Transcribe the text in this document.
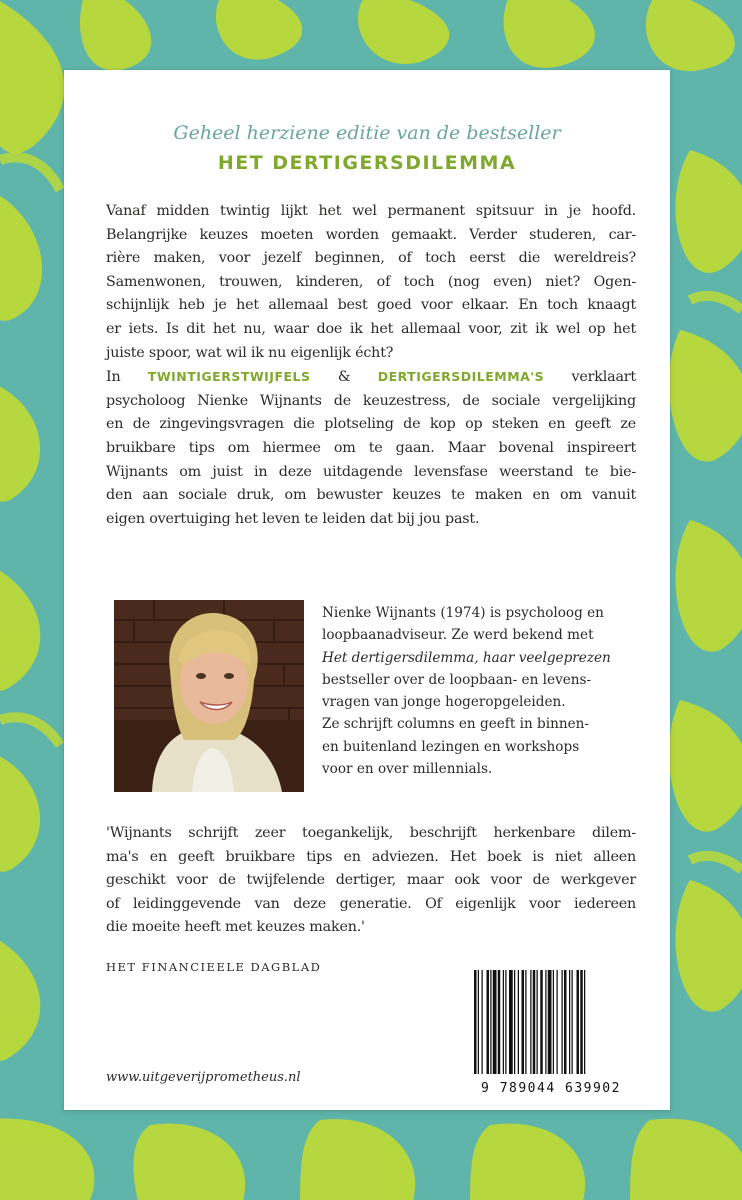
Geheel herziene editie van de bestseller
HET DERTIGERSDILEMMA
Vanaf midden twintig lijkt het wel permanent spitsuur in je hoofd.
Belangrijke keuzes moeten worden gemaakt. Verder studeren, car-
rière maken, voor jezelf beginnen, of toch eerst die wereldreis?
Samenwonen, trouwen, kinderen, of toch (nog even) niet? Ogen-
schijnlijk heb je het allemaal best goed voor elkaar. En toch knaagt
er iets. Is dit het nu, waar doe ik het allemaal voor, zit ik wel op het
juiste spoor, wat wil ik nu eigenlijk écht?
In TWINTIGERSTWIJFELS & DERTIGERSDILEMMA'S verklaart
psycholoog Nienke Wijnants de keuzestress, de sociale vergelijking
en de zingevingsvragen die plotseling de kop op steken en geeft ze
bruikbare tips om hiermee om te gaan. Maar bovenal inspireert
Wijnants om juist in deze uitdagende levensfase weerstand te bie-
den aan sociale druk, om bewuster keuzes te maken en om vanuit
eigen overtuiging het leven te leiden dat bij jou past.
Nienke Wijnants (1974) is psycholoog en
loopbaanadviseur. Ze werd bekend met
Het dertigersdilemma, haar veelgeprezen
bestseller over de loopbaan- en levens-
vragen van jonge hogeropgeleiden.
Ze schrijft columns en geeft in binnen-
en buitenland lezingen en workshops
voor en over millennials.
'Wijnants schrijft zeer toegankelijk, beschrijft herkenbare dilem-
ma's en geeft bruikbare tips en adviezen. Het boek is niet alleen
geschikt voor de twijfelende dertiger, maar ook voor de werkgever
of leidinggevende van deze generatie. Of eigenlijk voor iedereen
die moeite heeft met keuzes maken.'
HET FINANCIEELE DAGBLAD
www.uitgeverijprometheus.nl
9 789044 639902
